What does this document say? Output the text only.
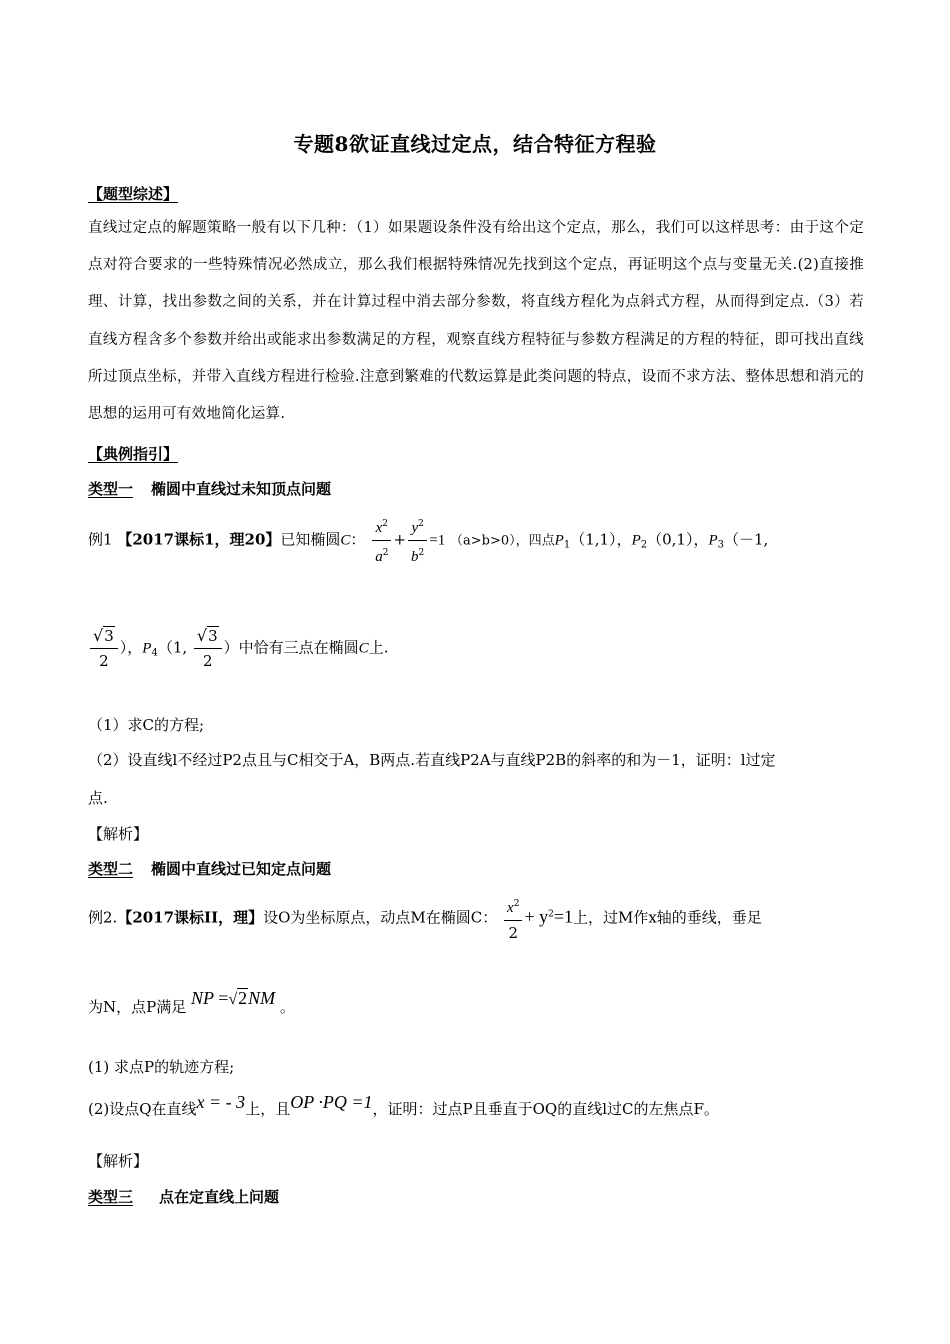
专题8欲证直线过定点，结合特征方程验
【题型综述】
直线过定点的解题策略一般有以下几种：（1）如果题设条件没有给出这个定点，那么，我们可以这样思考：由于这个定点对符合要求的一些特殊情况必然成立，那么我们根据特殊情况先找到这个定点，再证明这个点与变量无关.(2)直接推理、计算，找出参数之间的关系，并在计算过程中消去部分参数，将直线方程化为点斜式方程，从而得到定点.（3）若直线方程含多个参数并给出或能求出参数满足的方程，观察直线方程特征与参数方程满足的方程的特征，即可找出直线所过顶点坐标，并带入直线方程进行检验.注意到繁难的代数运算是此类问题的特点，设而不求方法、整体思想和消元的思想的运用可有效地简化运算.
【典例指引】
类型一 椭圆中直线过未知顶点问题
例1 【2017课标1，理20】已知椭圆C： $\frac{x^2}{a^2} + \frac{y^2}{b^2} =1$ （a>b>0），四点$P_1(1,1)$，$P_2(0,1)$，$P_3(-1$,
$\frac{√3}{2}$ ），$P_4(1$, $\frac{√3}{2}$ ）中恰有三点在椭圆C上.
（1）求C的方程;
（2）设直线l不经过P2点且与C相交于A，B两点.若直线P2A与直线P2B的斜率的和为－1，证明：l过定
点.
【解析】
类型二 椭圆中直线过已知定点问题
例2.【2017课标II，理】设O为坐标原点，动点M在椭圆C： $\frac{x^2}{2} + y^2=1$上，过M作x轴的垂线，垂足
为N，点P满足 NP =√2NM 。
(1) 求点P的轨迹方程;
(2)设点Q在直线x = - 3上，且OP ·PQ =1，证明：过点P且垂直于OQ的直线l过C的左焦点F。
【解析】
类型三 点在定直线上问题
